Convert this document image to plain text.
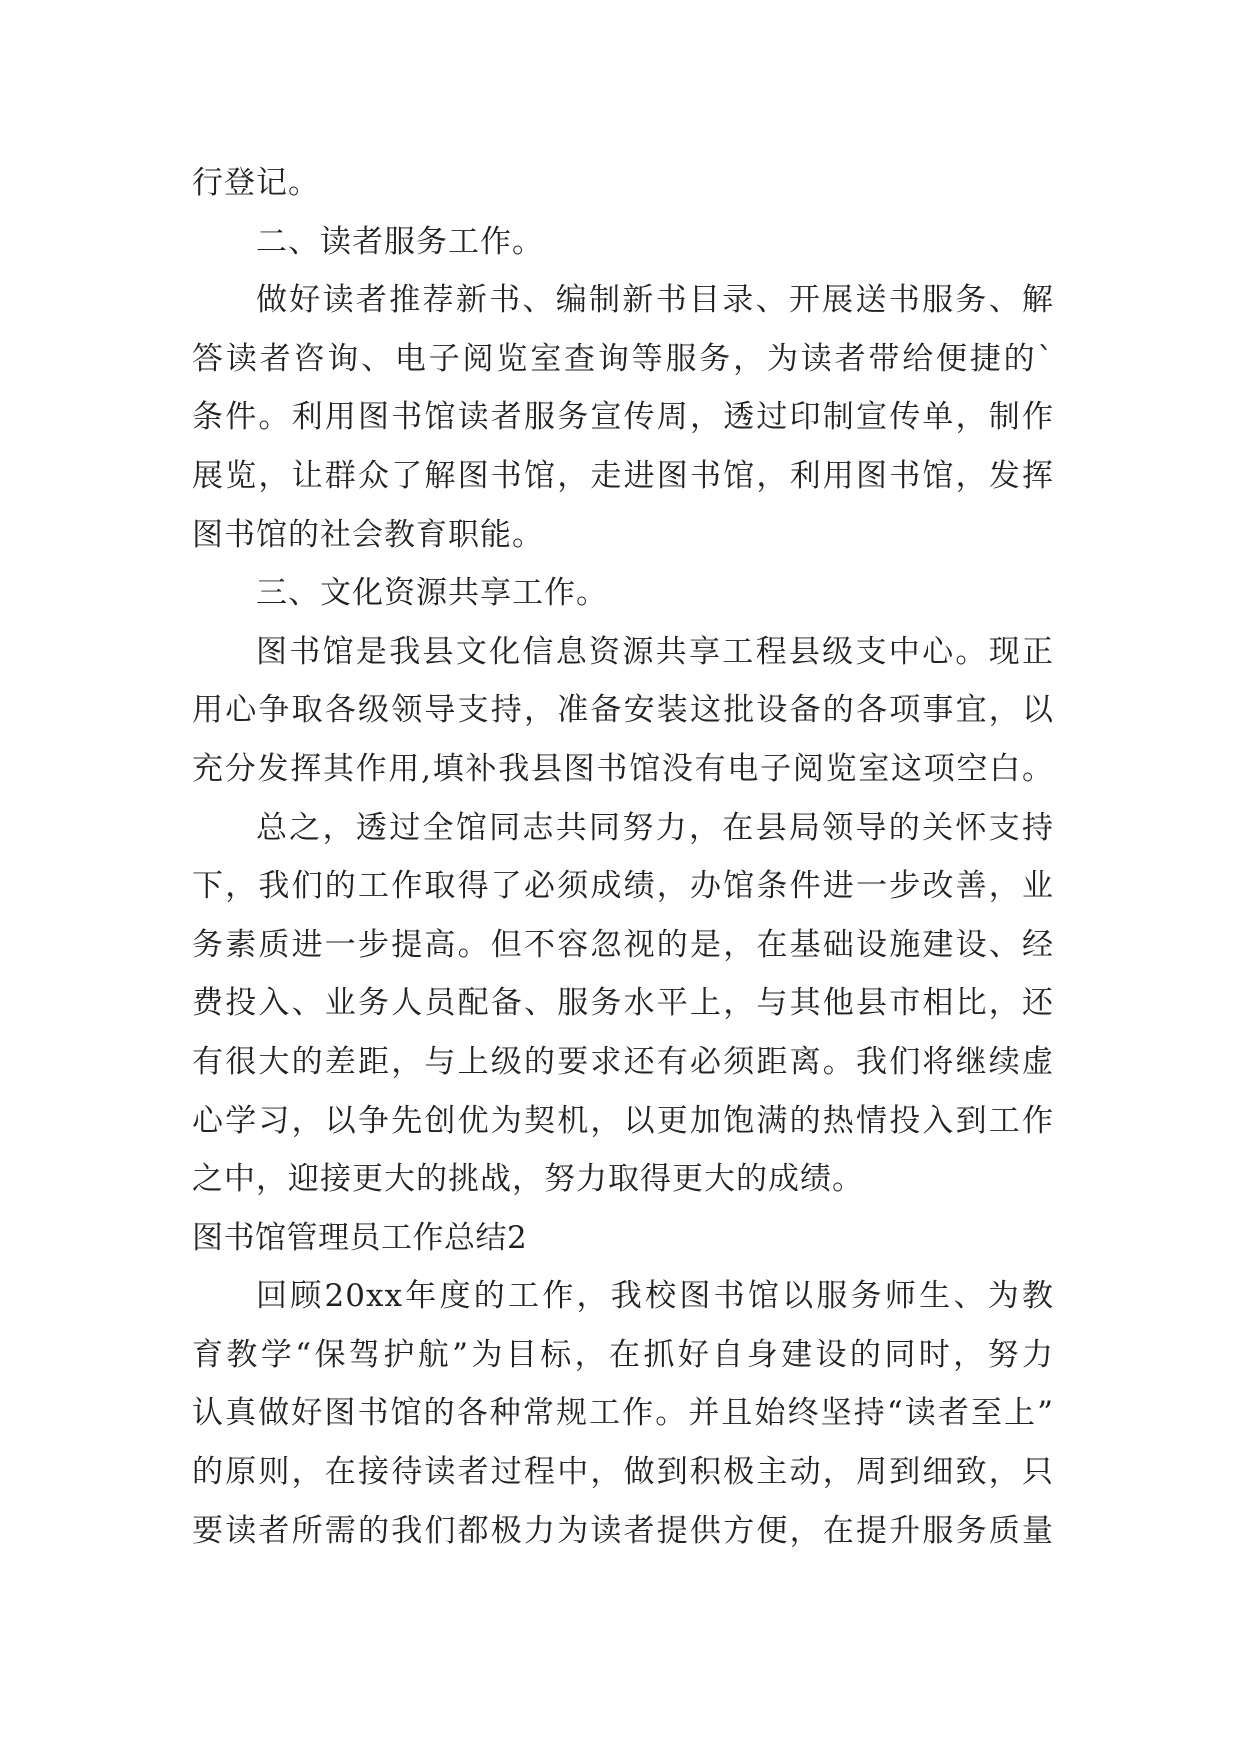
行登记。

二、读者服务工作。

做好读者推荐新书、编制新书目录、开展送书服务、解

答读者咨询、电子阅览室查询等服务，为读者带给便捷的`

条件。利用图书馆读者服务宣传周，透过印制宣传单，制作

展览，让群众了解图书馆，走进图书馆，利用图书馆，发挥

图书馆的社会教育职能。

三、文化资源共享工作。

图书馆是我县文化信息资源共享工程县级支中心。现正

用心争取各级领导支持，准备安装这批设备的各项事宜，以

充分发挥其作用,填补我县图书馆没有电子阅览室这项空白。

总之，透过全馆同志共同努力，在县局领导的关怀支持

下，我们的工作取得了必须成绩，办馆条件进一步改善，业

务素质进一步提高。但不容忽视的是，在基础设施建设、经

费投入、业务人员配备、服务水平上，与其他县市相比，还

有很大的差距，与上级的要求还有必须距离。我们将继续虚

心学习，以争先创优为契机，以更加饱满的热情投入到工作

之中，迎接更大的挑战，努力取得更大的成绩。

图书馆管理员工作总结2

回顾20xx年度的工作，我校图书馆以服务师生、为教

育教学“保驾护航”为目标，在抓好自身建设的同时，努力

认真做好图书馆的各种常规工作。并且始终坚持“读者至上”

的原则，在接待读者过程中，做到积极主动，周到细致，只

要读者所需的我们都极力为读者提供方便，在提升服务质量
